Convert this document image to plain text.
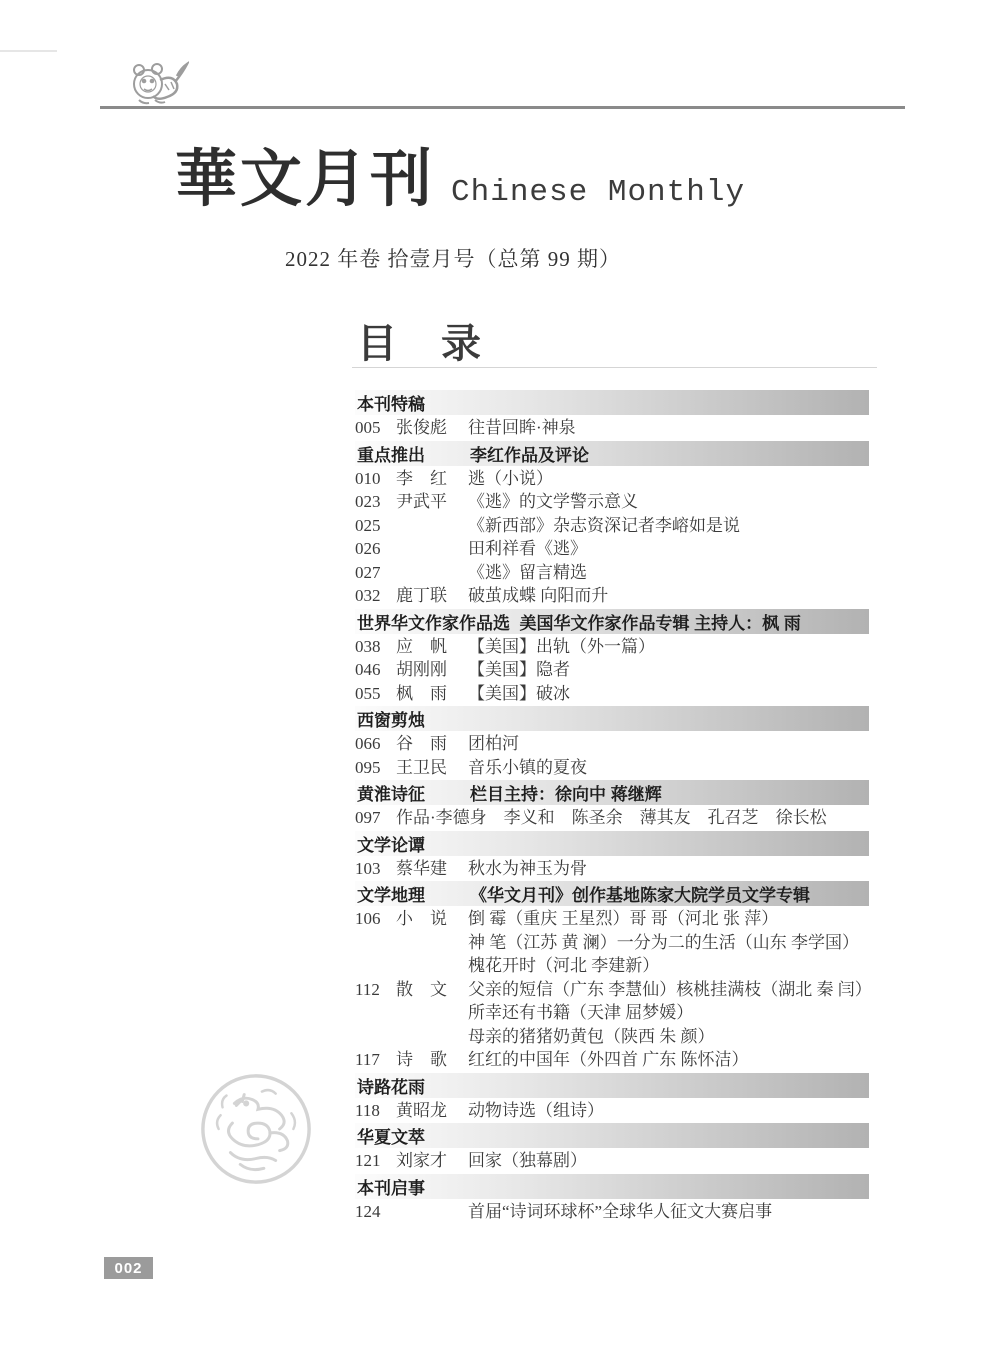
華文月刊 Chinese Monthly
2022 年卷 拾壹月号（总第 99 期）
目　录
本刊特稿
005 张俊彪	往昔回眸·神泉
重点推出	李红作品及评论
010 李　红	逃（小说）
023 尹武平	《逃》的文学警示意义
025	《新西部》杂志资深记者李嵱如是说
026	田利祥看《逃》
027	《逃》留言精选
032 鹿丁联	破茧成蝶 向阳而升
世界华文作家作品选 美国华文作家作品专辑 主持人：枫 雨
038 应　帆	【美国】出轨（外一篇）
046 胡刚刚	【美国】隐者
055 枫　雨	【美国】破冰
西窗剪烛
066 谷　雨	团柏河
095 王卫民	音乐小镇的夏夜
黄淮诗征	栏目主持：徐向中 蒋继辉
097 作品·李德身　李义和　陈圣余　薄其友　孔召芝　徐长松
文学论谭
103 蔡华建	秋水为神玉为骨
文学地理	《华文月刊》创作基地陈家大院学员文学专辑
106 小　说	倒 霉（重庆 王星烈）哥 哥（河北 张 萍）
神 笔（江苏 黄 澜）一分为二的生活（山东 李学国）
槐花开时（河北 李建新）
112 散　文	父亲的短信（广东 李慧仙）核桃挂满枝（湖北 秦 闫）
所幸还有书籍（天津 屈梦媛）
母亲的猪猪奶黄包（陕西 朱 颜）
117 诗　歌	红红的中国年（外四首 广东 陈怀洁）
诗路花雨
118 黄昭龙	动物诗选（组诗）
华夏文萃
121 刘家才	回家（独幕剧）
本刊启事
124	首届“诗词环球杯”全球华人征文大赛启事
002
